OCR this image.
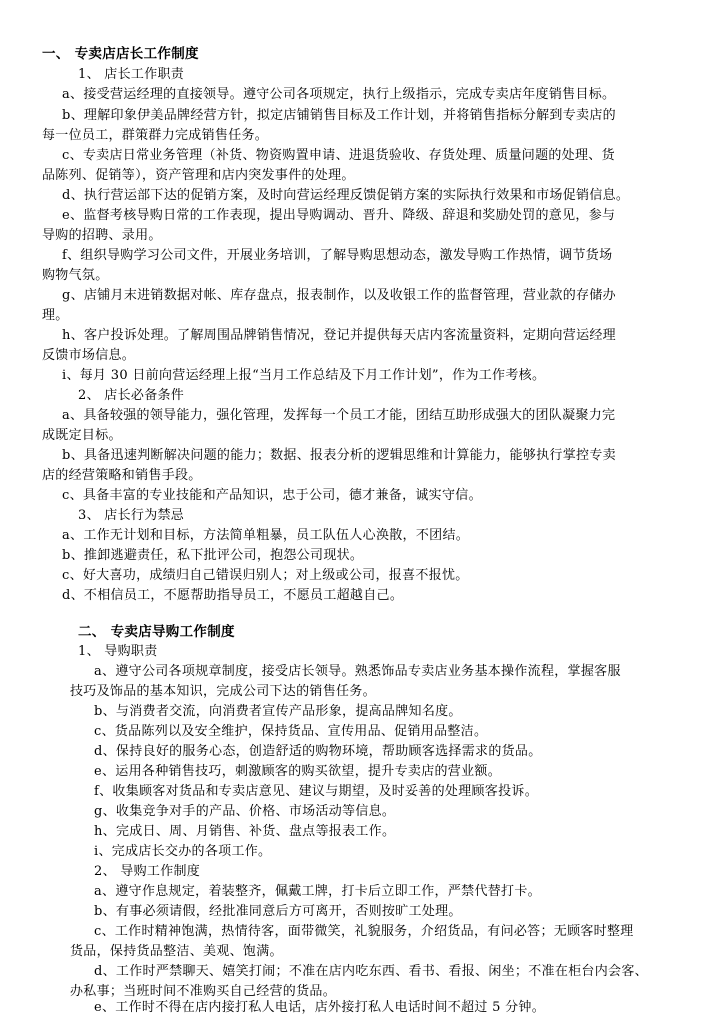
一、 专卖店店长工作制度
1、 店长工作职责
a、接受营运经理的直接领导。遵守公司各项规定，执行上级指示，完成专卖店年度销售目标。
b、理解印象伊美品牌经营方针，拟定店铺销售目标及工作计划，并将销售指标分解到专卖店的
每一位员工，群策群力完成销售任务。
c、专卖店日常业务管理（补货、物资购置申请、进退货验收、存货处理、质量问题的处理、货
品陈列、促销等），资产管理和店内突发事件的处理。
d、执行营运部下达的促销方案，及时向营运经理反馈促销方案的实际执行效果和市场促销信息。
e、监督考核导购日常的工作表现，提出导购调动、晋升、降级、辞退和奖励处罚的意见，参与
导购的招聘、录用。
f、组织导购学习公司文件，开展业务培训，了解导购思想动态，激发导购工作热情，调节货场
购物气氛。
g、店铺月末进销数据对帐、库存盘点，报表制作，以及收银工作的监督管理，营业款的存储办
理。
h、客户投诉处理。了解周围品牌销售情况，登记并提供每天店内客流量资料，定期向营运经理
反馈市场信息。
i、每月 30 日前向营运经理上报“当月工作总结及下月工作计划”，作为工作考核。
2、 店长必备条件
a、具备较强的领导能力，强化管理，发挥每一个员工才能，团结互助形成强大的团队凝聚力完
成既定目标。
b、具备迅速判断解决问题的能力；数据、报表分析的逻辑思维和计算能力，能够执行掌控专卖
店的经营策略和销售手段。
c、具备丰富的专业技能和产品知识，忠于公司，德才兼备，诚实守信。
3、 店长行为禁忌
a、工作无计划和目标，方法简单粗暴，员工队伍人心涣散，不团结。
b、推卸逃避责任，私下批评公司，抱怨公司现状。
c、好大喜功，成绩归自己错误归别人；对上级或公司，报喜不报忧。
d、不相信员工，不愿帮助指导员工，不愿员工超越自己。
二、 专卖店导购工作制度
1、 导购职责
a、遵守公司各项规章制度，接受店长领导。熟悉饰品专卖店业务基本操作流程，掌握客服
技巧及饰品的基本知识，完成公司下达的销售任务。
b、与消费者交流，向消费者宣传产品形象，提高品牌知名度。
c、货品陈列以及安全维护，保持货品、宣传用品、促销用品整洁。
d、保持良好的服务心态，创造舒适的购物环境，帮助顾客选择需求的货品。
e、运用各种销售技巧，刺激顾客的购买欲望，提升专卖店的营业额。
f、收集顾客对货品和专卖店意见、建议与期望，及时妥善的处理顾客投诉。
g、收集竞争对手的产品、价格、市场活动等信息。
h、完成日、周、月销售、补货、盘点等报表工作。
i、完成店长交办的各项工作。
2、 导购工作制度
a、遵守作息规定，着装整齐，佩戴工牌，打卡后立即工作，严禁代替打卡。
b、有事必须请假，经批准同意后方可离开，否则按旷工处理。
c、工作时精神饱满，热情待客，面带微笑，礼貌服务，介绍货品，有问必答；无顾客时整理
货品，保持货品整洁、美观、饱满。
d、工作时严禁聊天、嬉笑打闹；不准在店内吃东西、看书、看报、闲坐；不准在柜台内会客、
办私事；当班时间不准购买自己经营的货品。
e、工作时不得在店内接打私人电话，店外接打私人电话时间不超过 5 分钟。
